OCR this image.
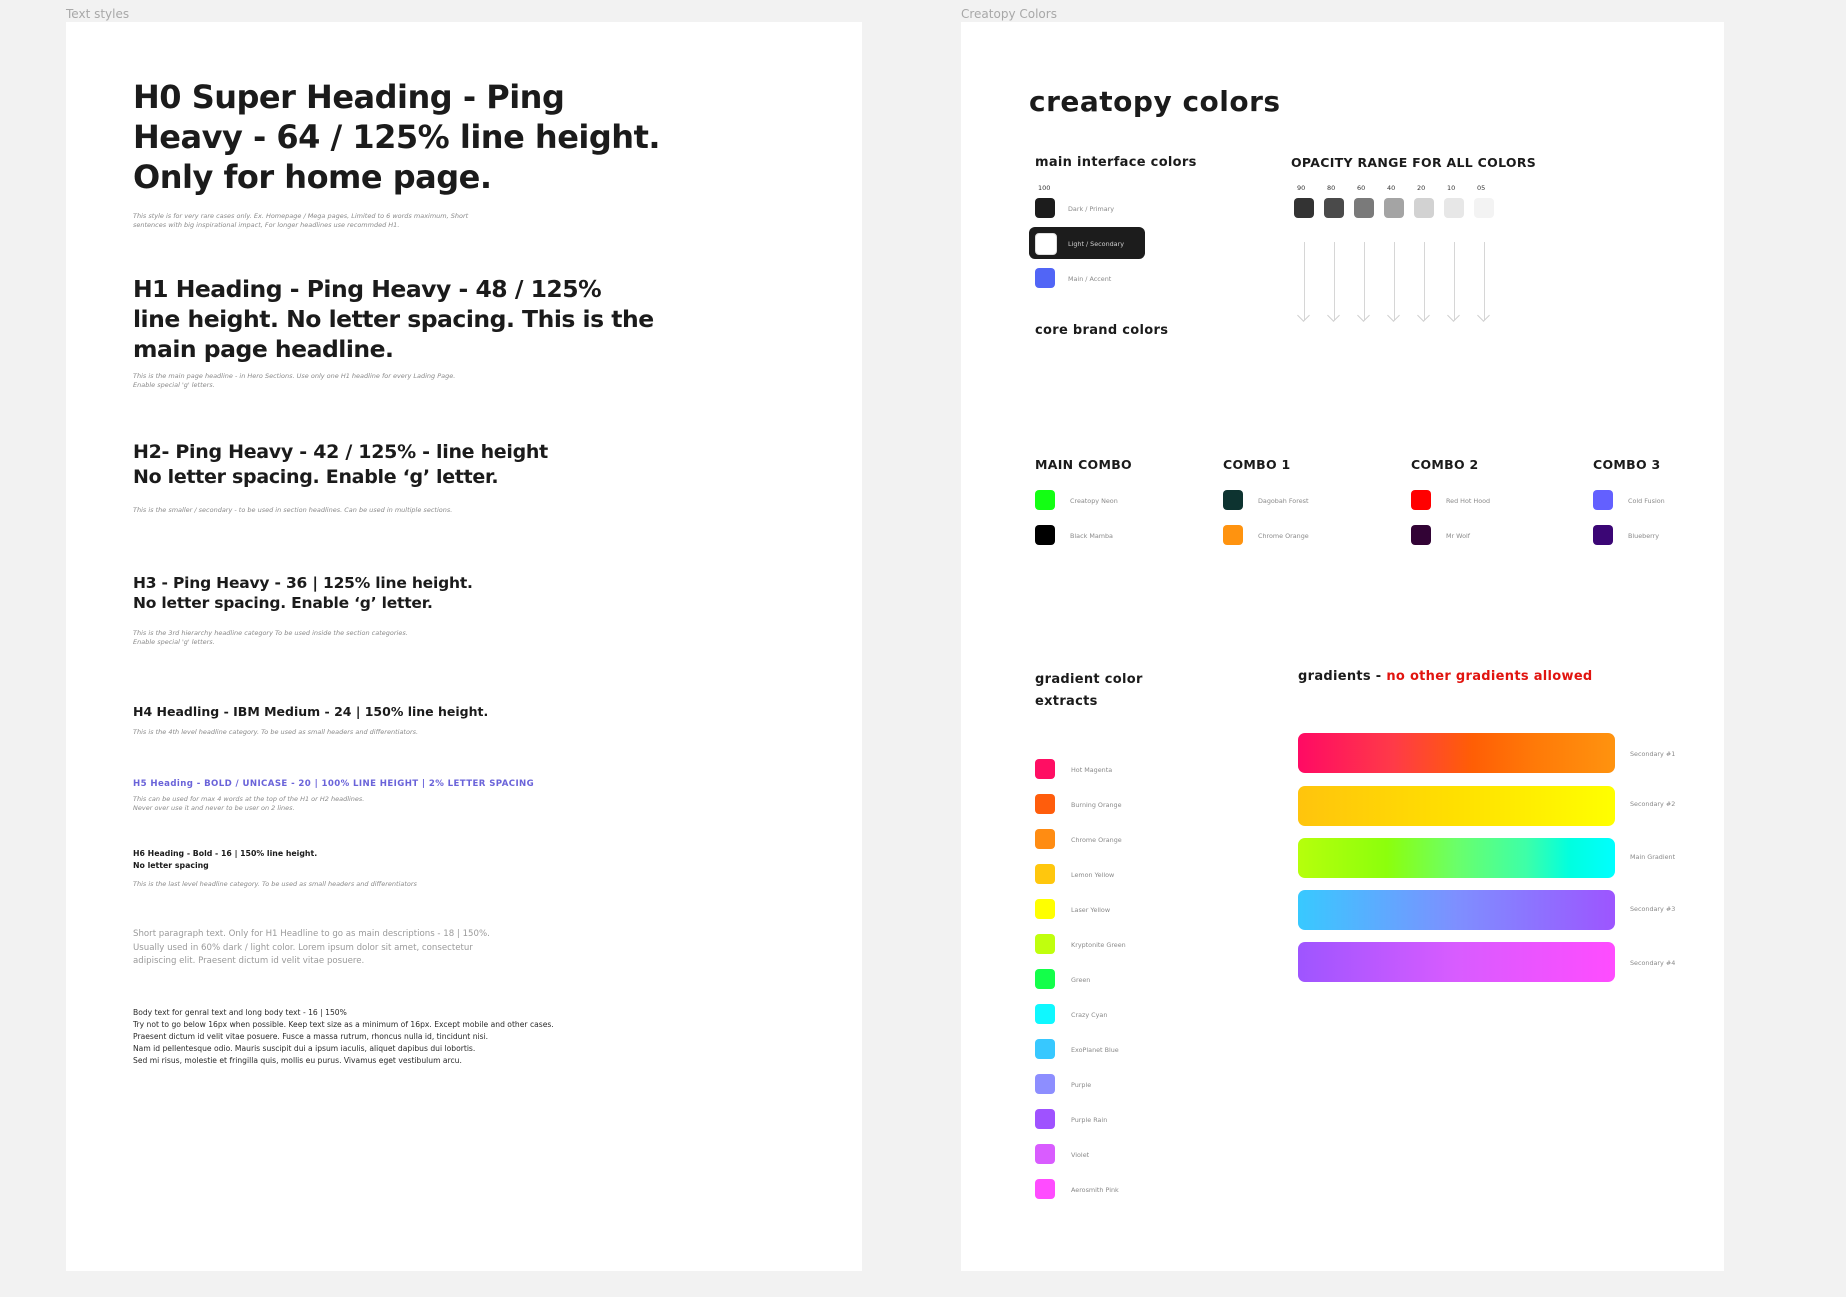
Text styles	Creatopy Colors
H0 Super Heading - Ping
Heavy - 64 / 125% line height.
Only for home page.
This style is for very rare cases only. Ex. Homepage / Mega pages, Limited to 6 words maximum, Short
sentences with big inspirational impact, For longer headlines use recommded H1.
H1 Heading - Ping Heavy - 48 / 125%
line height. No letter spacing. This is the
main page headline.
This is the main page headline - in Hero Sections. Use only one H1 headline for every Lading Page.
Enable special 'g' letters.
H2- Ping Heavy - 42 / 125% - line height
No letter spacing. Enable ‘g’ letter.
This is the smaller / secondary - to be used in section headlines. Can be used in multiple sections.
H3 - Ping Heavy - 36 | 125% line height.
No letter spacing. Enable ‘g’ letter.
This is the 3rd hierarchy headline category To be used inside the section categories.
Enable special 'g' letters.
H4 Headling - IBM Medium - 24 | 150% line height.
This is the 4th level headline category. To be used as small headers and differentiators.
H5 Heading - BOLD / UNICASE - 20 | 100% LINE HEIGHT | 2% LETTER SPACING
This can be used for max 4 words at the top of the H1 or H2 headlines.
Never over use it and never to be user on 2 lines.
H6 Heading - Bold - 16 | 150% line height.
No letter spacing
This is the last level headline category. To be used as small headers and differentiators
Short paragraph text. Only for H1 Headline to go as main descriptions - 18 | 150%.
Usually used in 60% dark / light color. Lorem ipsum dolor sit amet, consectetur
adipiscing elit. Praesent dictum id velit vitae posuere.
Body text for genral text and long body text - 16 | 150%
Try not to go below 16px when possible. Keep text size as a minimum of 16px. Except mobile and other cases.
Praesent dictum id velit vitae posuere. Fusce a massa rutrum, rhoncus nulla id, tincidunt nisi.
Nam id pellentesque odio. Mauris suscipit dui a ipsum iaculis, aliquet dapibus dui lobortis.
Sed mi risus, molestie et fringilla quis, mollis eu purus. Vivamus eget vestibulum arcu.
creatopy colors
main interface colors
100
Dark / Primary
Light / Secondary
Main / Accent
OPACITY RANGE FOR ALL COLORS
90	80	60	40	20	10	05
core brand colors
MAIN COMBO
Creatopy Neon
Black Mamba
COMBO 1
Dagobah Forest
Chrome Orange
COMBO 2
Red Hot Hood
Mr Wolf
COMBO 3
Cold Fusion
Blueberry
gradient color
extracts
Hot Magenta
Burning Orange
Chrome Orange
Lemon Yellow
Laser Yellow
Kryptonite Green
Green
Crazy Cyan
ExoPlanet Blue
Purple
Purple Rain
Violet
Aerosmith Pink
gradients - no other gradients allowed
Secondary #1
Secondary #2
Main Gradient
Secondary #3
Secondary #4
